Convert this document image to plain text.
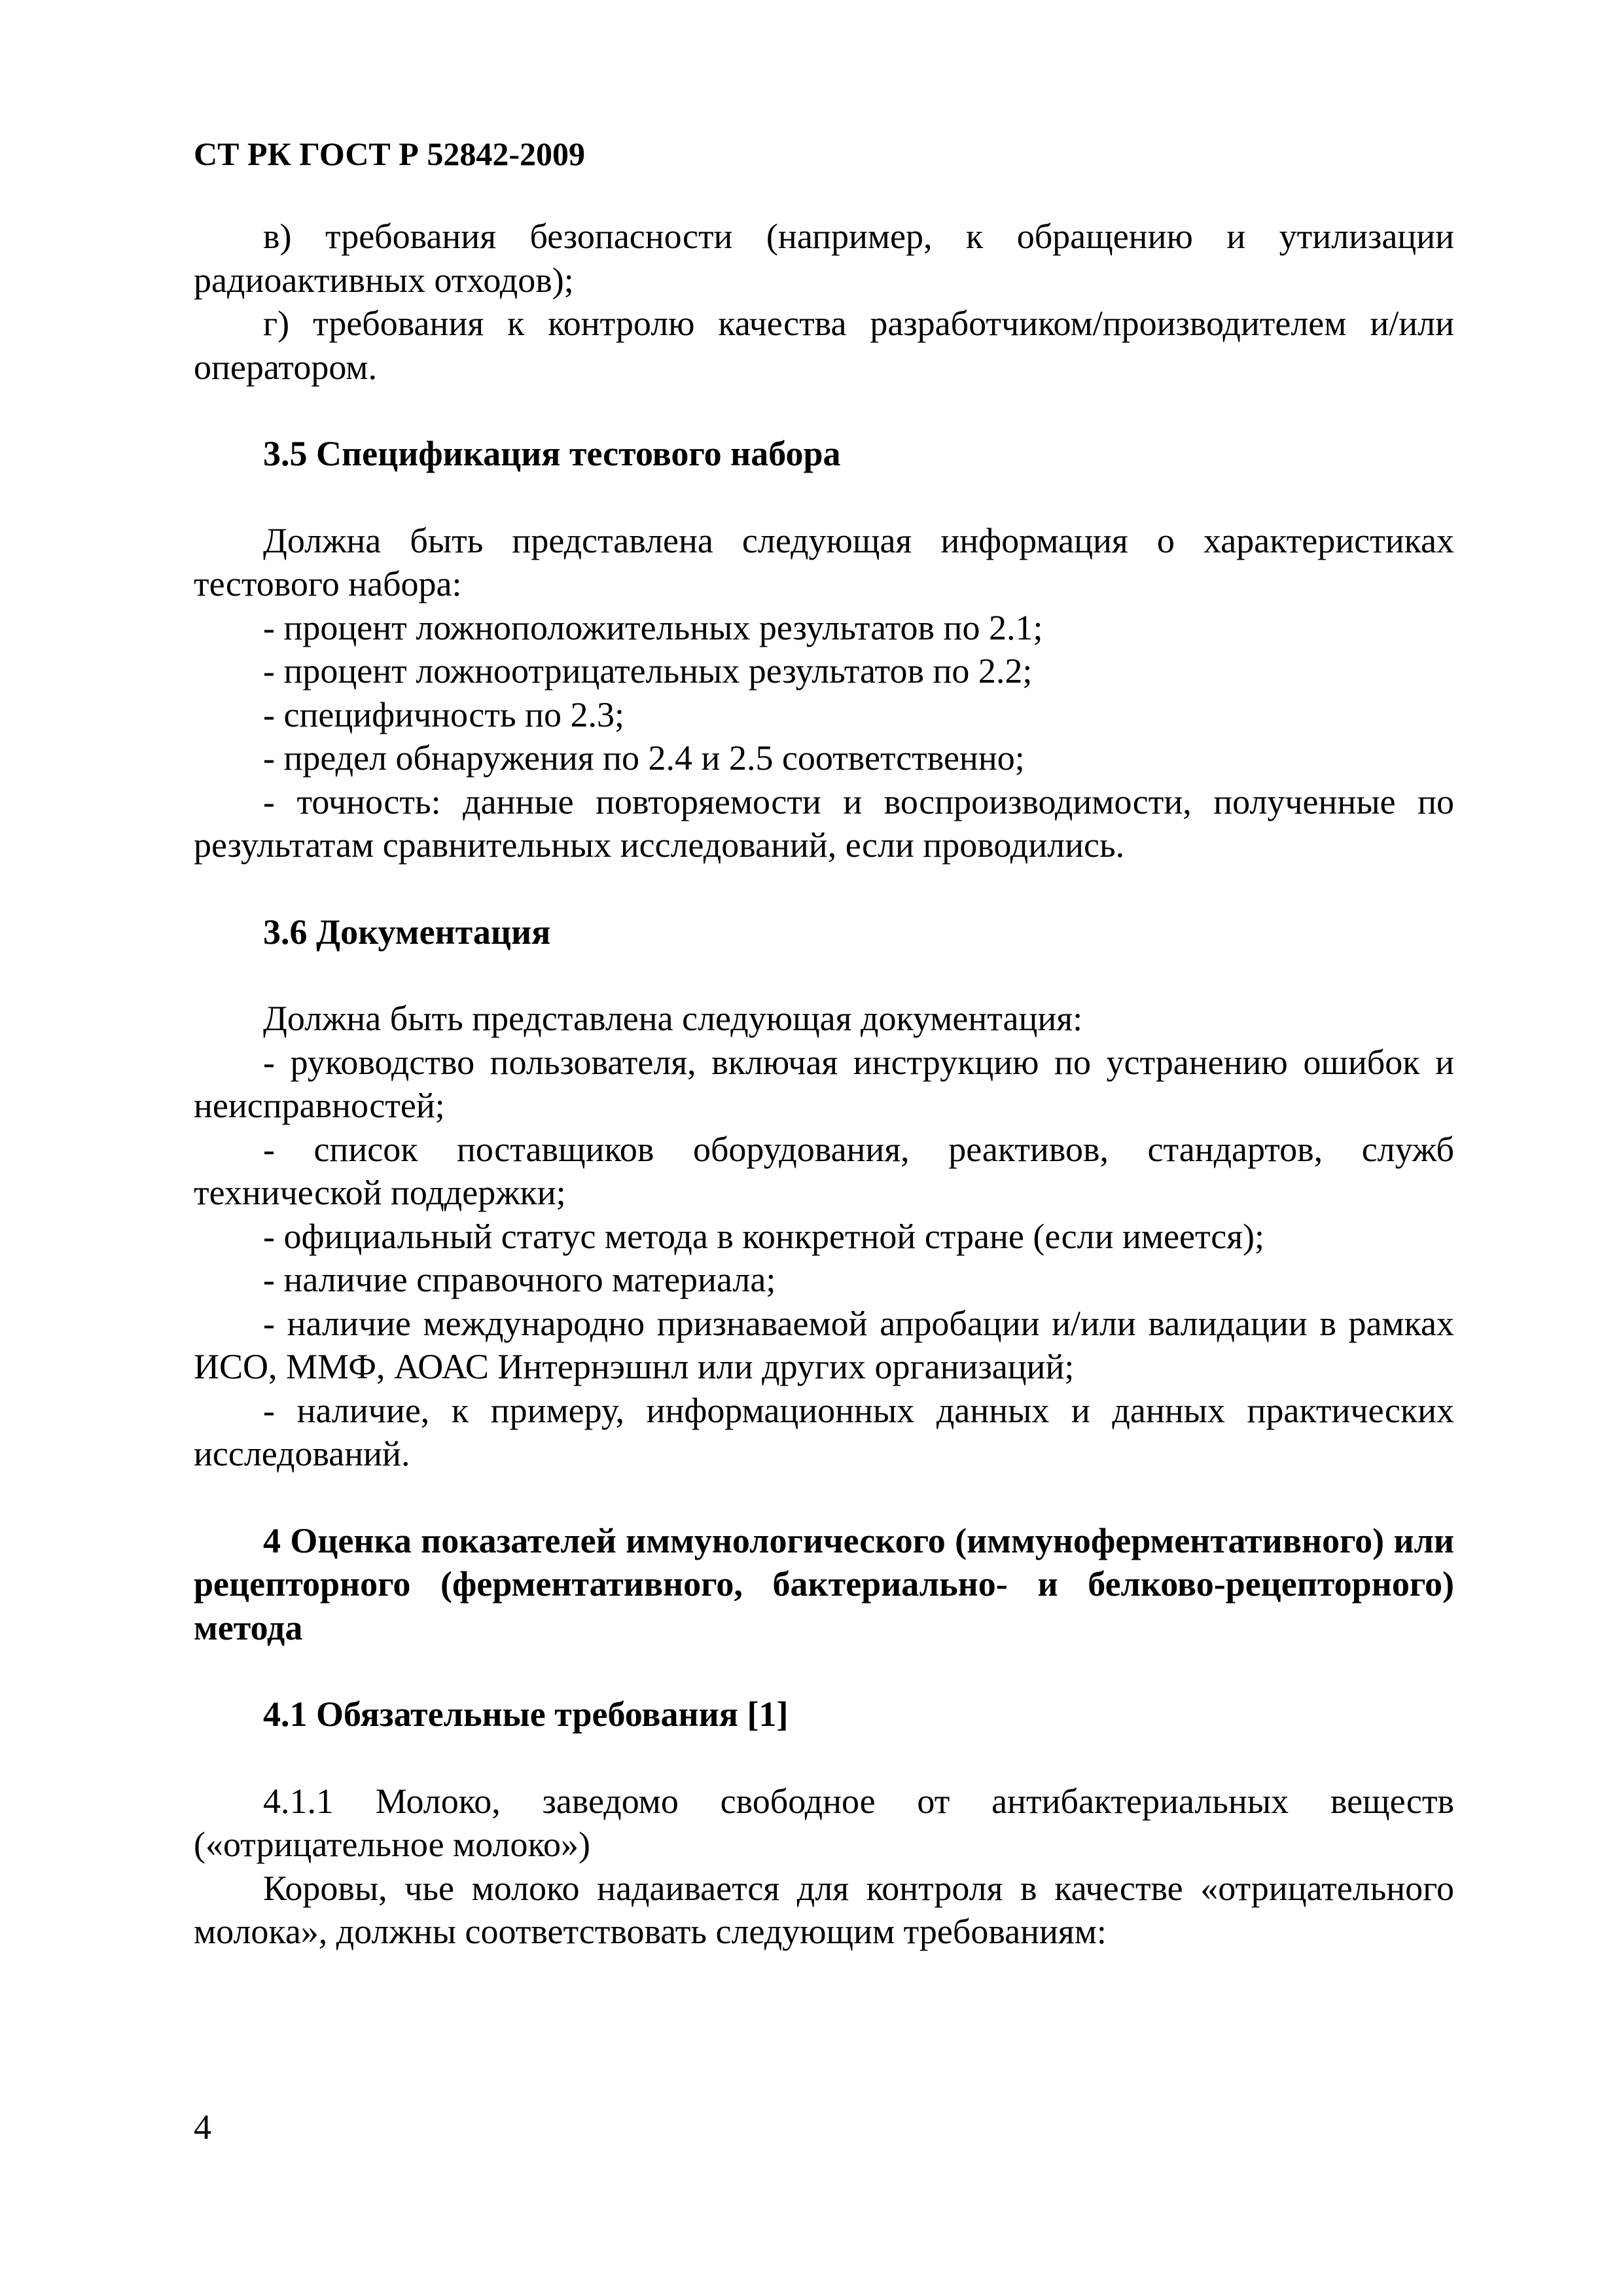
СТ РК ГОСТ Р 52842-2009

в) требования безопасности (например, к обращению и утилизации радиоактивных отходов);

г) требования к контролю качества разработчиком/производителем и/или оператором.

3.5 Спецификация тестового набора

Должна быть представлена следующая информация о характеристиках тестового набора:

- процент ложноположительных результатов по 2.1;

- процент ложноотрицательных результатов по 2.2;

- специфичность по 2.3;

- предел обнаружения по 2.4 и 2.5 соответственно;

- точность: данные повторяемости и воспроизводимости, полученные по результатам сравнительных исследований, если проводились.

3.6 Документация

Должна быть представлена следующая документация:

- руководство пользователя, включая инструкцию по устранению ошибок и неисправностей;

- список поставщиков оборудования, реактивов, стандартов, служб технической поддержки;

- официальный статус метода в конкретной стране (если имеется);

- наличие справочного материала;

- наличие международно признаваемой апробации и/или валидации в рамках ИСО, ММФ, АОАС Интернэшнл или других организаций;

- наличие, к примеру, информационных данных и данных практических исследований.

4 Оценка показателей иммунологического (иммуноферментативного) или рецепторного (ферментативного, бактериально- и белково-рецепторного) метода
4.1 Обязательные требования [1]

4.1.1 Молоко, заведомо свободное от антибактериальных веществ («отрицательное молоко»)

Коровы, чье молоко надаивается для контроля в качестве «отрицательного молока», должны соответствовать следующим требованиям:

4
